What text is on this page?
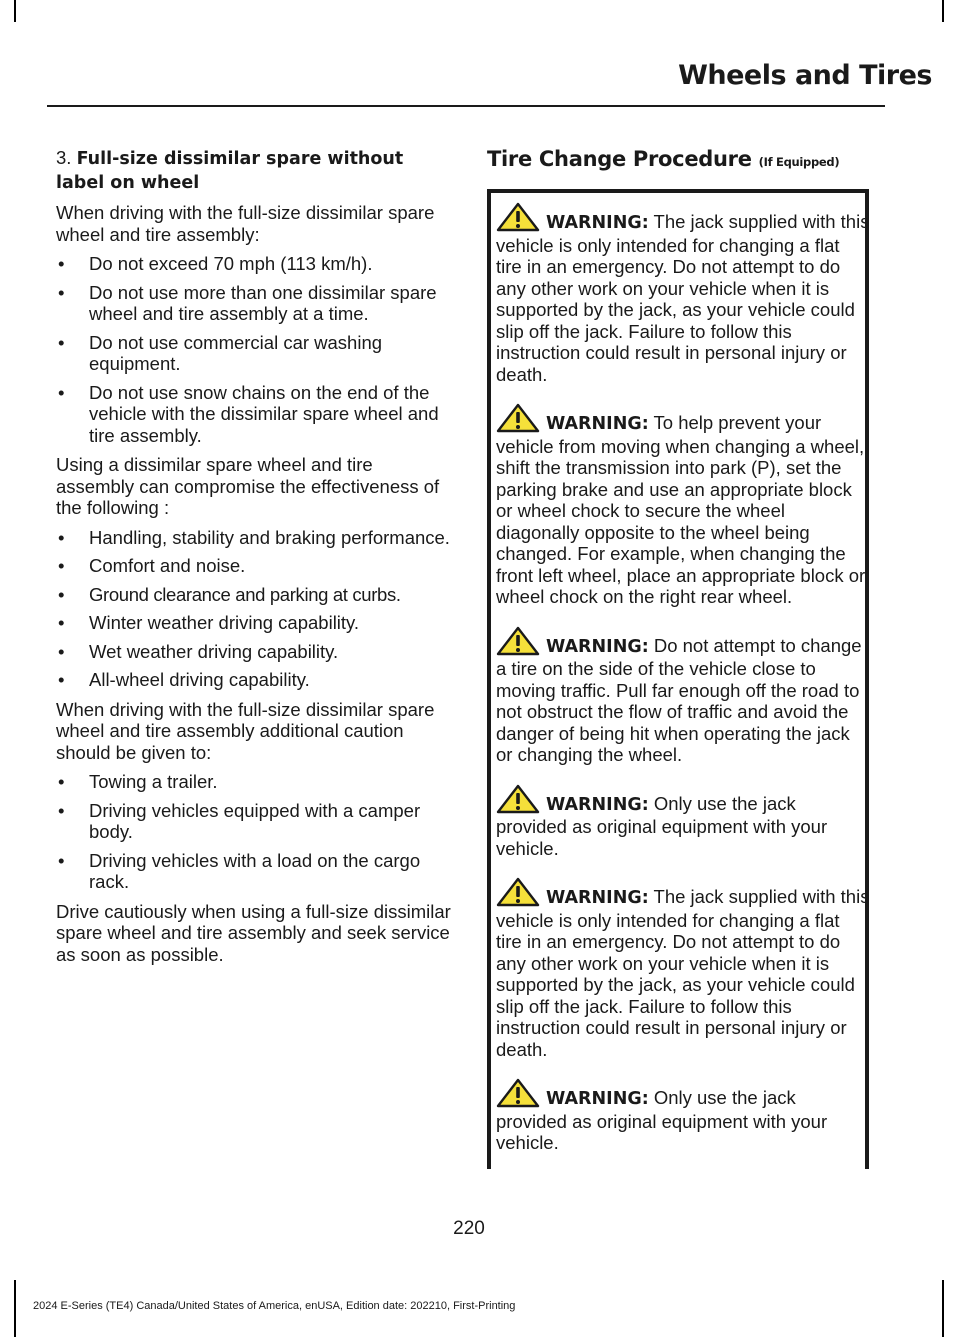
Wheels and Tires

3. Full-size dissimilar spare without label on wheel

When driving with the full-size dissimilar spare wheel and tire assembly:

• Do not exceed 70 mph (113 km/h).
• Do not use more than one dissimilar spare wheel and tire assembly at a time.
• Do not use commercial car washing equipment.
• Do not use snow chains on the end of the vehicle with the dissimilar spare wheel and tire assembly.

Using a dissimilar spare wheel and tire assembly can compromise the effectiveness of the following :

• Handling, stability and braking performance.
• Comfort and noise.
• Ground clearance and parking at curbs.
• Winter weather driving capability.
• Wet weather driving capability.
• All-wheel driving capability.

When driving with the full-size dissimilar spare wheel and tire assembly additional caution should be given to:

• Towing a trailer.
• Driving vehicles equipped with a camper body.
• Driving vehicles with a load on the cargo rack.

Drive cautiously when using a full-size dissimilar spare wheel and tire assembly and seek service as soon as possible.

Tire Change Procedure (If Equipped)

WARNING: The jack supplied with this vehicle is only intended for changing a flat tire in an emergency. Do not attempt to do any other work on your vehicle when it is supported by the jack, as your vehicle could slip off the jack. Failure to follow this instruction could result in personal injury or death.

WARNING: To help prevent your vehicle from moving when changing a wheel, shift the transmission into park (P), set the parking brake and use an appropriate block or wheel chock to secure the wheel diagonally opposite to the wheel being changed. For example, when changing the front left wheel, place an appropriate block or wheel chock on the right rear wheel.

WARNING: Do not attempt to change a tire on the side of the vehicle close to moving traffic. Pull far enough off the road to not obstruct the flow of traffic and avoid the danger of being hit when operating the jack or changing the wheel.

WARNING: Only use the jack provided as original equipment with your vehicle.

WARNING: The jack supplied with this vehicle is only intended for changing a flat tire in an emergency. Do not attempt to do any other work on your vehicle when it is supported by the jack, as your vehicle could slip off the jack. Failure to follow this instruction could result in personal injury or death.

WARNING: Only use the jack provided as original equipment with your vehicle.

220
2024 E-Series (TE4) Canada/United States of America, enUSA, Edition date: 202210, First-Printing
